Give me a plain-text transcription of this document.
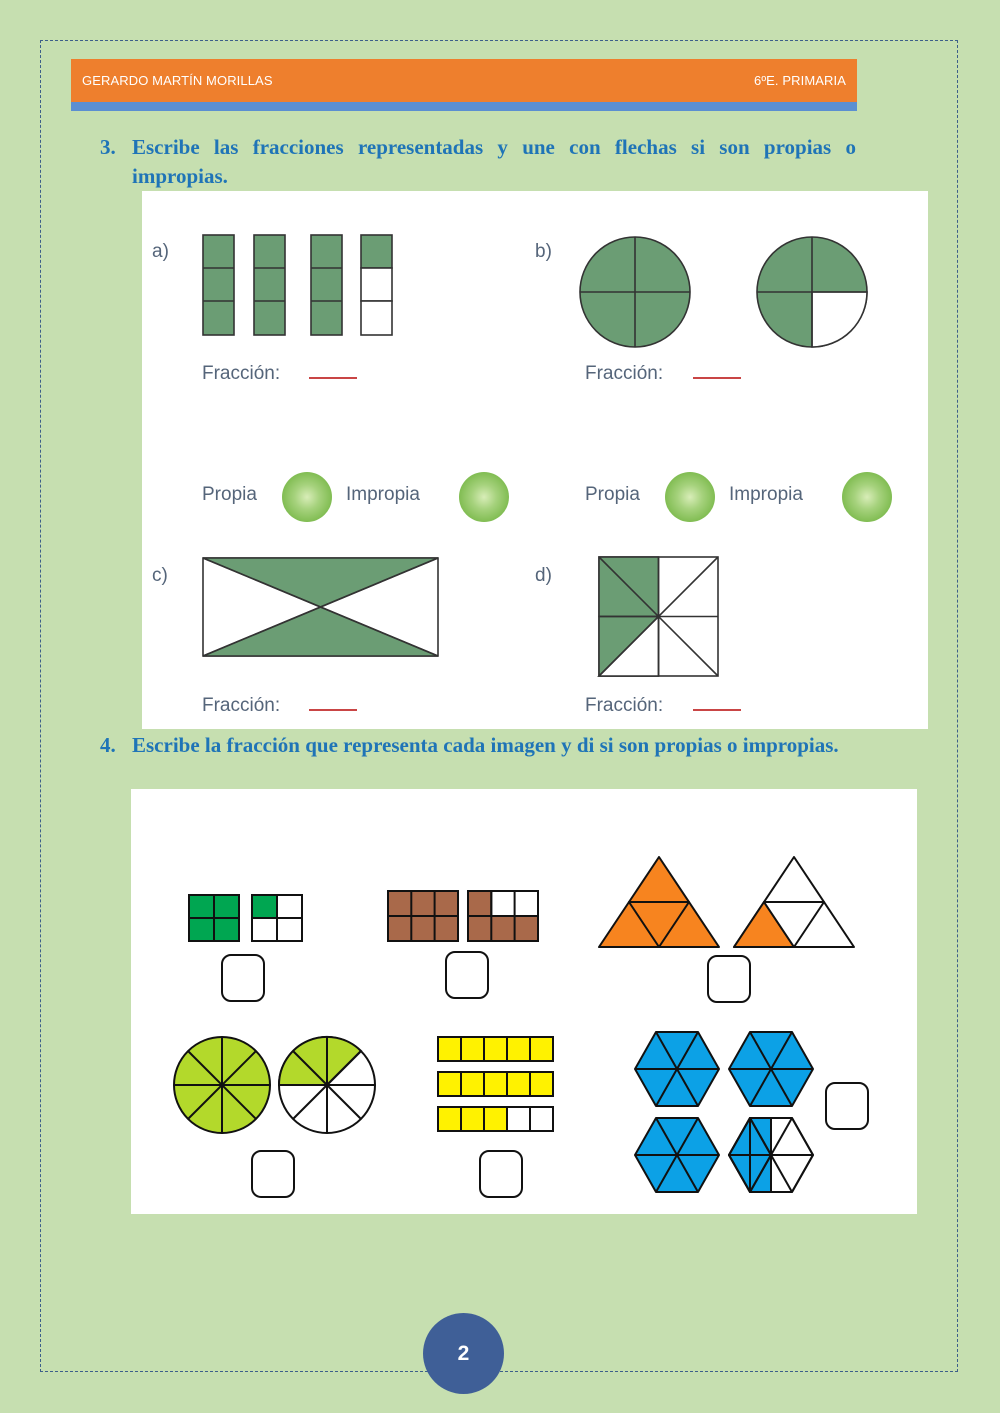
GERARDO MARTÍN MORILLAS	6ºE. PRIMARIA
3. Escribe las fracciones representadas y une con flechas si son propias o impropias.
a)
Fracción:
b)
Fracción:
Propia	Impropia	Propia	Impropia
c)
Fracción:
d)
Fracción:
4. Escribe la fracción que representa cada imagen y di si son propias o impropias.
2
